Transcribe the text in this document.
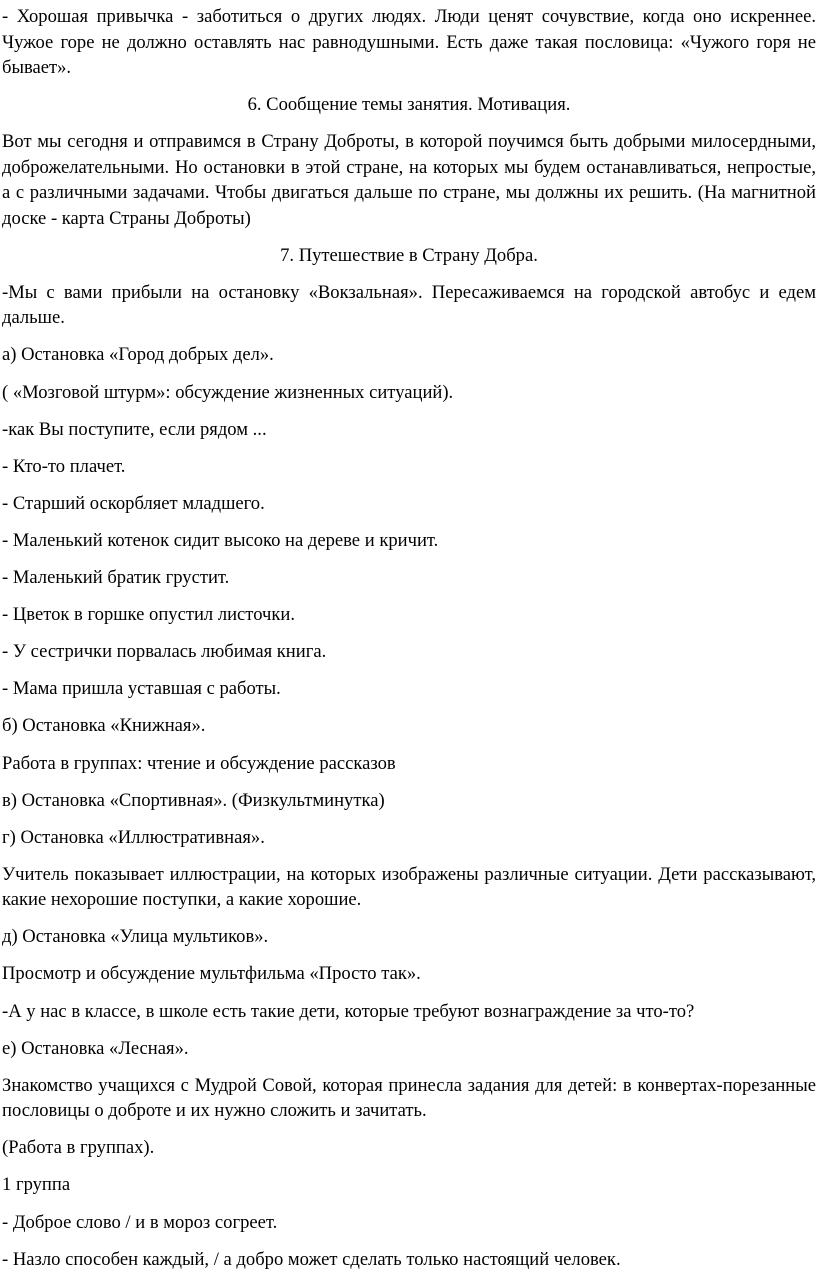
- Хорошая привычка - заботиться о других людях. Люди ценят сочувствие, когда оно искреннее. Чужое горе не должно оставлять нас равнодушными. Есть даже такая пословица: «Чужого горя не бывает».

6. Сообщение темы занятия. Мотивация.

Вот мы сегодня и отправимся в Страну Доброты, в которой поучимся быть добрыми милосердными, доброжелательными. Но остановки в этой стране, на которых мы будем останавливаться, непростые, а с различными задачами. Чтобы двигаться дальше по стране, мы должны их решить. (На магнитной доске - карта Страны Доброты)

7. Путешествие в Страну Добра.

-Мы с вами прибыли на остановку «Вокзальная». Пересаживаемся на городской автобус и едем дальше.

а) Остановка «Город добрых дел».

( «Мозговой штурм»: обсуждение жизненных ситуаций).

-как Вы поступите, если рядом ...

- Кто-то плачет.

- Старший оскорбляет младшего.

- Маленький котенок сидит высоко на дереве и кричит.

- Маленький братик грустит.

- Цветок в горшке опустил листочки.

- У сестрички порвалась любимая книга.

- Мама пришла уставшая с работы.

б) Остановка «Книжная».

Работа в группах: чтение и обсуждение рассказов

в) Остановка «Спортивная». (Физкультминутка)

г) Остановка «Иллюстративная».

Учитель показывает иллюстрации, на которых изображены различные ситуации. Дети рассказывают, какие нехорошие поступки, а какие хорошие.

д) Остановка «Улица мультиков».

Просмотр и обсуждение мультфильма «Просто так».

-А у нас в классе, в школе есть такие дети, которые требуют вознаграждение за что-то?

е) Остановка «Лесная».

Знакомство учащихся с Мудрой Совой, которая принесла задания для детей: в конвертах-порезанные пословицы о доброте и их нужно сложить и зачитать.

(Работа в группах).

1 группа

- Доброе слово / и в мороз согреет.

- Назло способен каждый, / а добро может сделать только настоящий человек.
